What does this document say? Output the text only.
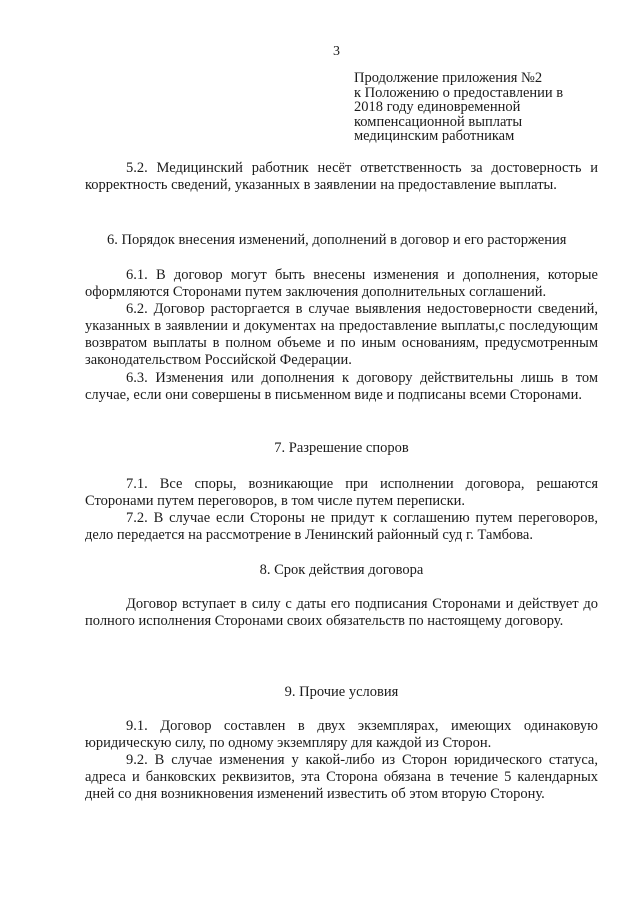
3
Продолжение приложения №2
к Положению о предоставлении в
2018 году единовременной
компенсационной выплаты
медицинским работникам
5.2. Медицинский работник несёт ответственность за достоверность и корректность сведений, указанных в заявлении на предоставление выплаты.
6. Порядок внесения изменений, дополнений в договор и его расторжения
6.1. В договор могут быть внесены изменения и дополнения, которые оформляются Сторонами путем заключения дополнительных соглашений.
6.2. Договор расторгается в случае выявления недостоверности сведений, указанных в заявлении и документах на предоставление выплаты,с последующим возвратом выплаты в полном объеме и по иным основаниям, предусмотренным законодательством Российской Федерации.
6.3. Изменения или дополнения к договору действительны лишь в том случае, если они совершены в письменном виде и подписаны всеми Сторонами.
7. Разрешение споров
7.1. Все споры, возникающие при исполнении договора, решаются Сторонами путем переговоров, в том числе путем переписки.
7.2. В случае если Стороны не придут к соглашению путем переговоров, дело передается на рассмотрение в Ленинский районный суд г. Тамбова.
8. Срок действия договора
Договор вступает в силу с даты его подписания Сторонами и действует до полного исполнения Сторонами своих обязательств по настоящему договору.
9. Прочие условия
9.1. Договор составлен в двух экземплярах, имеющих одинаковую юридическую силу, по одному экземпляру для каждой из Сторон.
9.2. В случае изменения у какой-либо из Сторон юридического статуса, адреса и банковских реквизитов, эта Сторона обязана в течение 5 календарных дней со дня возникновения изменений известить об этом вторую Сторону.
